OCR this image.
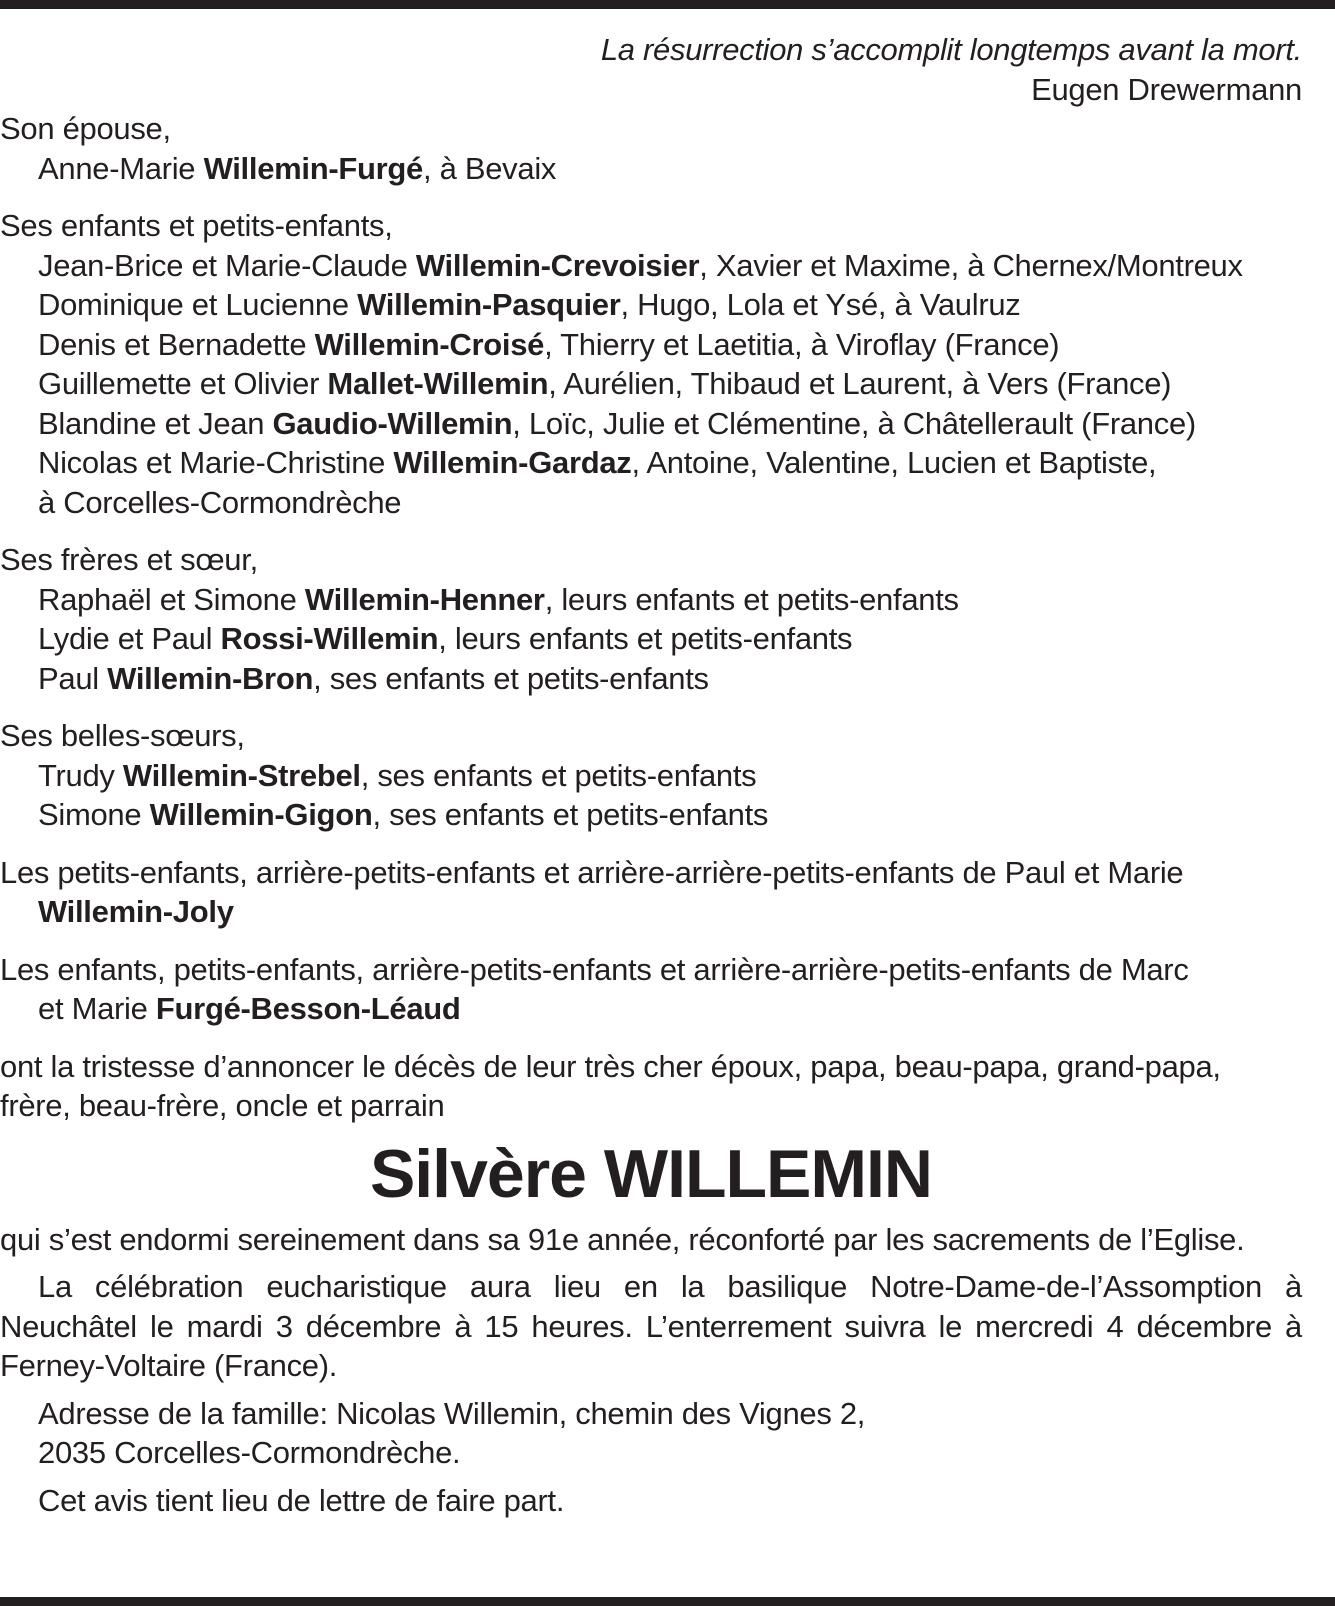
La résurrection s’accomplit longtemps avant la mort.
Eugen Drewermann
Son épouse,
Anne-Marie Willemin-Furgé, à Bevaix
Ses enfants et petits-enfants,
Jean-Brice et Marie-Claude Willemin-Crevoisier, Xavier et Maxime, à Chernex/Montreux
Dominique et Lucienne Willemin-Pasquier, Hugo, Lola et Ysé, à Vaulruz
Denis et Bernadette Willemin-Croisé, Thierry et Laetitia, à Viroflay (France)
Guillemette et Olivier Mallet-Willemin, Aurélien, Thibaud et Laurent, à Vers (France)
Blandine et Jean Gaudio-Willemin, Loïc, Julie et Clémentine, à Châtellerault (France)
Nicolas et Marie-Christine Willemin-Gardaz, Antoine, Valentine, Lucien et Baptiste,
à Corcelles-Cormondrèche
Ses frères et sœur,
Raphaël et Simone Willemin-Henner, leurs enfants et petits-enfants
Lydie et Paul Rossi-Willemin, leurs enfants et petits-enfants
Paul Willemin-Bron, ses enfants et petits-enfants
Ses belles-sœurs,
Trudy Willemin-Strebel, ses enfants et petits-enfants
Simone Willemin-Gigon, ses enfants et petits-enfants
Les petits-enfants, arrière-petits-enfants et arrière-arrière-petits-enfants de Paul et Marie
Willemin-Joly
Les enfants, petits-enfants, arrière-petits-enfants et arrière-arrière-petits-enfants de Marc
et Marie Furgé-Besson-Léaud
ont la tristesse d’annoncer le décès de leur très cher époux, papa, beau-papa, grand-papa,
frère, beau-frère, oncle et parrain
Silvère WILLEMIN
qui s’est endormi sereinement dans sa 91e année, réconforté par les sacrements de l’Eglise.
La célébration eucharistique aura lieu en la basilique Notre-Dame-de-l’Assomption à Neuchâtel le mardi 3 décembre à 15 heures. L’enterrement suivra le mercredi 4 décembre à Ferney-Voltaire (France).
Adresse de la famille: Nicolas Willemin, chemin des Vignes 2,
2035 Corcelles-Cormondrèche.
Cet avis tient lieu de lettre de faire part.
